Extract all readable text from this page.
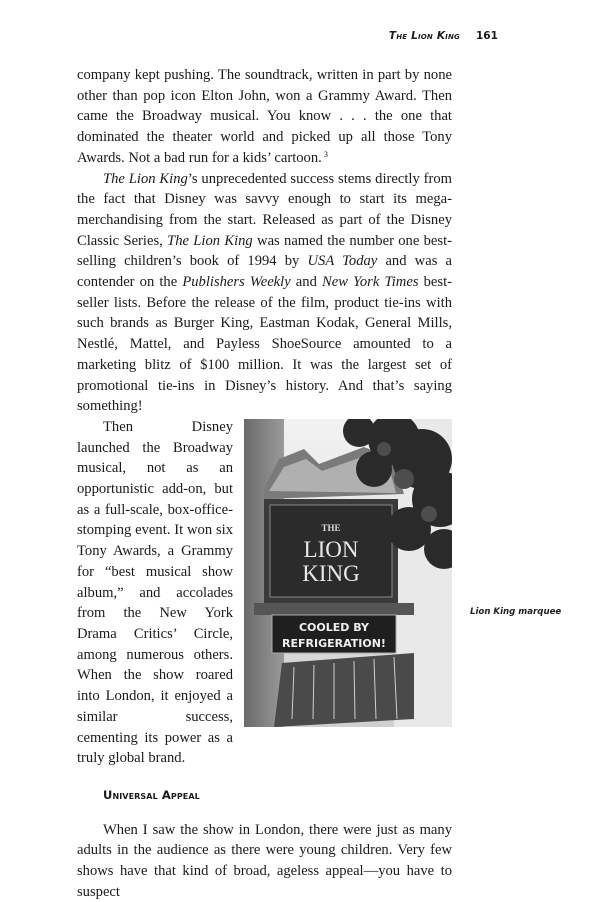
The Lion King 161

company kept pushing. The soundtrack, written in part by none other than pop icon Elton John, won a Grammy Award. Then came the Broadway musical. You know . . . the one that dominated the theater world and picked up all those Tony Awards. Not a bad run for a kids’ cartoon. $^3$

The Lion King’s unprecedented success stems directly from the fact that Disney was savvy enough to start its mega-merchandising from the start. Released as part of the Disney Classic Series, The Lion King was named the number one best-selling children’s book of 1994 by USA Today and was a contender on the Publishers Weekly and New York Times best-seller lists. Before the release of the film, product tie-ins with such brands as Burger King, Eastman Kodak, General Mills, Nestlé, Mattel, and Payless ShoeSource amounted to a marketing blitz of $100 million. It was the largest set of promotional tie-ins in Disney’s history. And that’s saying something!

THE
LION
KING
COOLED BY
REFRIGERATION!
Then Disney launched the Broadway musical, not as an opportunistic add-on, but as a full-scale, box-office-stomping event. It won six Tony Awards, a Grammy for “best musical show album,” and accolades from the New York Drama Critics’ Circle, among numerous others. When the show roared into London, it enjoyed a similar success, cementing its power as a truly global brand.

Universal Appeal

When I saw the show in London, there were just as many adults in the audience as there were young children. Very few shows have that kind of broad, ageless appeal—you have to suspect

Lion King marquee
